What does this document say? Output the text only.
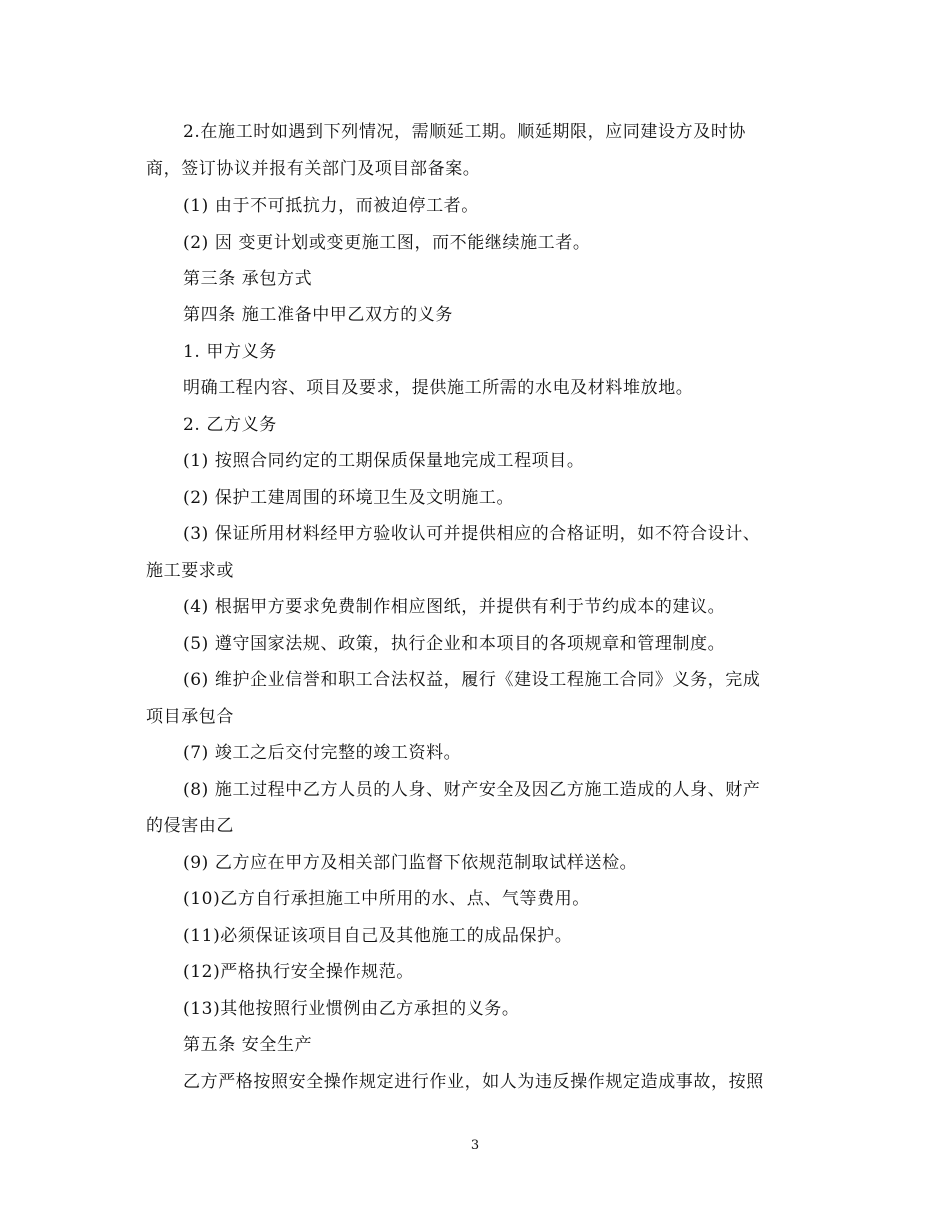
2.在施工时如遇到下列情况，需顺延工期。顺延期限，应同建设方及时协
商，签订协议并报有关部门及项目部备案。
(1) 由于不可抵抗力，而被迫停工者。
(2) 因 变更计划或变更施工图，而不能继续施工者。
第三条 承包方式
第四条 施工准备中甲乙双方的义务
1. 甲方义务
明确工程内容、项目及要求，提供施工所需的水电及材料堆放地。
2. 乙方义务
(1) 按照合同约定的工期保质保量地完成工程项目。
(2) 保护工建周围的环境卫生及文明施工。
(3) 保证所用材料经甲方验收认可并提供相应的合格证明，如不符合设计、
施工要求或
(4) 根据甲方要求免费制作相应图纸，并提供有利于节约成本的建议。
(5) 遵守国家法规、政策，执行企业和本项目的各项规章和管理制度。
(6) 维护企业信誉和职工合法权益，履行《建设工程施工合同》义务，完成
项目承包合
(7) 竣工之后交付完整的竣工资料。
(8) 施工过程中乙方人员的人身、财产安全及因乙方施工造成的人身、财产
的侵害由乙
(9) 乙方应在甲方及相关部门监督下依规范制取试样送检。
(10)乙方自行承担施工中所用的水、点、气等费用。
(11)必须保证该项目自己及其他施工的成品保护。
(12)严格执行安全操作规范。
(13)其他按照行业惯例由乙方承担的义务。
第五条 安全生产
乙方严格按照安全操作规定进行作业，如人为违反操作规定造成事故，按照
3
